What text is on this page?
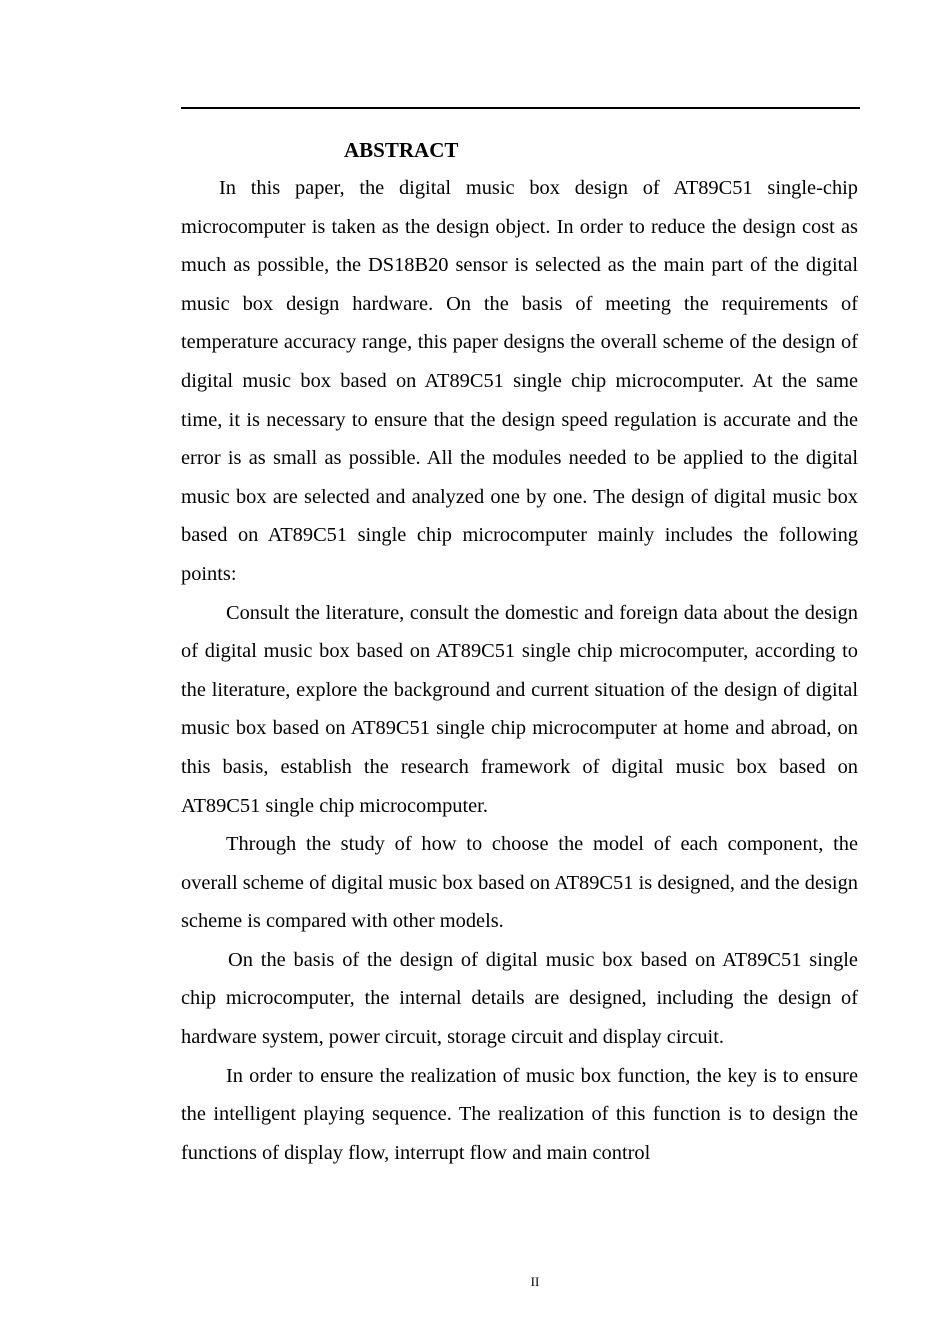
ABSTRACT

In this paper, the digital music box design of AT89C51 single-chip microcomputer is taken as the design object. In order to reduce the design cost as much as possible, the DS18B20 sensor is selected as the main part of the digital music box design hardware. On the basis of meeting the requirements of temperature accuracy range, this paper designs the overall scheme of the design of digital music box based on AT89C51 single chip microcomputer. At the same time, it is necessary to ensure that the design speed regulation is accurate and the error is as small as possible. All the modules needed to be applied to the digital music box are selected and analyzed one by one. The design of digital music box based on AT89C51 single chip microcomputer mainly includes the following points:

Consult the literature, consult the domestic and foreign data about the design of digital music box based on AT89C51 single chip microcomputer, according to the literature, explore the background and current situation of the design of digital music box based on AT89C51 single chip microcomputer at home and abroad, on this basis, establish the research framework of digital music box based on AT89C51 single chip microcomputer.

Through the study of how to choose the model of each component, the overall scheme of digital music box based on AT89C51 is designed, and the design scheme is compared with other models.

On the basis of the design of digital music box based on AT89C51 single chip microcomputer, the internal details are designed, including the design of hardware system, power circuit, storage circuit and display circuit.

In order to ensure the realization of music box function, the key is to ensure the intelligent playing sequence. The realization of this function is to design the functions of display flow, interrupt flow and main control

II
